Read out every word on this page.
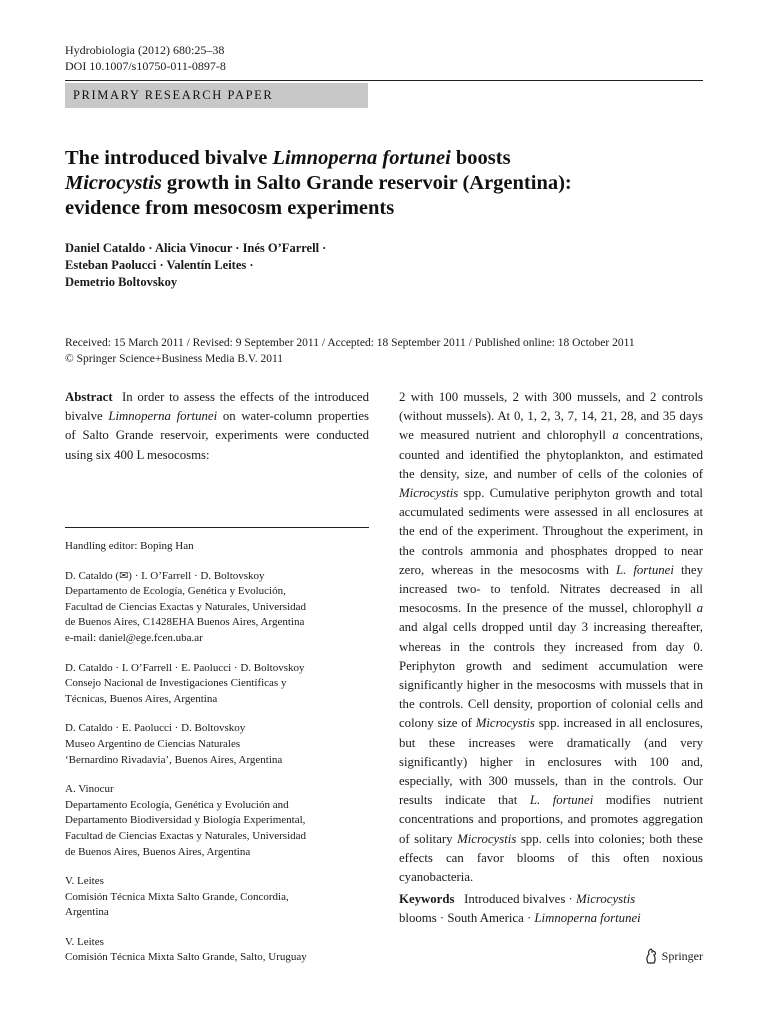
Hydrobiologia (2012) 680:25–38
DOI 10.1007/s10750-011-0897-8
PRIMARY RESEARCH PAPER
The introduced bivalve Limnoperna fortunei boosts
Microcystis growth in Salto Grande reservoir (Argentina):
evidence from mesocosm experiments
Daniel Cataldo · Alicia Vinocur · Inés O’Farrell ·
Esteban Paolucci · Valentín Leites ·
Demetrio Boltovskoy
Received: 15 March 2011 / Revised: 9 September 2011 / Accepted: 18 September 2011 / Published online: 18 October 2011
© Springer Science+Business Media B.V. 2011
Abstract In order to assess the effects of the introduced bivalve Limnoperna fortunei on water-column properties of Salto Grande reservoir, experiments were conducted using six 400 L mesocosms:

Handling editor: Boping Han

D. Cataldo (✉) · I. O’Farrell · D. Boltovskoy
Departamento de Ecología, Genética y Evolución,
Facultad de Ciencias Exactas y Naturales, Universidad
de Buenos Aires, C1428EHA Buenos Aires, Argentina
e-mail: daniel@ege.fcen.uba.ar

D. Cataldo · I. O’Farrell · E. Paolucci · D. Boltovskoy
Consejo Nacional de Investigaciones Científicas y
Técnicas, Buenos Aires, Argentina

D. Cataldo · E. Paolucci · D. Boltovskoy
Museo Argentino de Ciencias Naturales
‘Bernardino Rivadavia’, Buenos Aires, Argentina

A. Vinocur
Departamento Ecología, Genética y Evolución and
Departamento Biodiversidad y Biología Experimental,
Facultad de Ciencias Exactas y Naturales, Universidad
de Buenos Aires, Buenos Aires, Argentina

V. Leites
Comisión Técnica Mixta Salto Grande, Concordia,
Argentina

V. Leites
Comisión Técnica Mixta Salto Grande, Salto, Uruguay

2 with 100 mussels, 2 with 300 mussels, and 2 controls (without mussels). At 0, 1, 2, 3, 7, 14, 21, 28, and 35 days we measured nutrient and chlorophyll a concentrations, counted and identified the phytoplankton, and estimated the density, size, and number of cells of the colonies of Microcystis spp. Cumulative periphyton growth and total accumulated sediments were assessed in all enclosures at the end of the experiment. Throughout the experiment, in the controls ammonia and phosphates dropped to near zero, whereas in the mesocosms with L. fortunei they increased two- to tenfold. Nitrates decreased in all mesocosms. In the presence of the mussel, chlorophyll a and algal cells dropped until day 3 increasing thereafter, whereas in the controls they increased from day 0. Periphyton growth and sediment accumulation were significantly higher in the mesocosms with mussels that in the controls. Cell density, proportion of colonial cells and colony size of Microcystis spp. increased in all enclosures, but these increases were dramatically (and very significantly) higher in enclosures with 100 and, especially, with 300 mussels, than in the controls. Our results indicate that L. fortunei modifies nutrient concentrations and proportions, and promotes aggregation of solitary Microcystis spp. cells into colonies; both these effects can favor blooms of this often noxious cyanobacteria.
Keywords Introduced bivalves · Microcystis
blooms · South America · Limnoperna fortunei
Springer
